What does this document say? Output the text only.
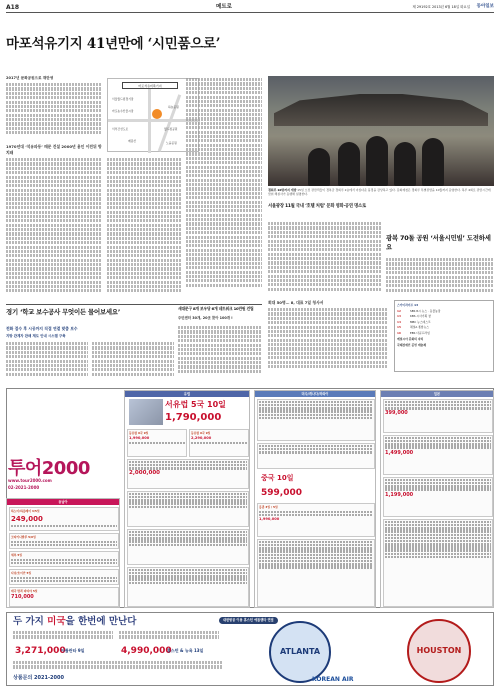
A18	메트로	제 29192호 2013년 6월 18일 화요일 동아일보
마포석유기지 41년만에 ‘시민품으로’
2017년 문화공원으로 재탄생
1970년대 ‘석유파동’ 때문 건설 2000년 용인 이전뒤 방치돼
마포석유비축기지
서울월드컵경기장
마포농수산물시장
하늘공원
월드컵공원
서부간선도로
매봉산	노을공원
경회루 10명까지 개방 15일 오전 관람객들이 경복궁 경회루 2층에서 아름다운 풍경을 감상하고 있다. 문화재청은 경회루 특별관람을 10월까지 운영한다. 하루 4회로 관람시간에 맞춰 해설사가 동행해 설명한다.
서울광장 11월 국내 ‘호텔 처럼’ 문화 영화·공연 명소로
광복 70돌 공원 ‘서울시민빌’ 도전하세요
회대 50명… 8, 대표 7일 청사서	스카이라이프 13
12	SBS 8시 뉴스 · 동물농장
13	KBS 시사기획 창
14	MBC 뉴스데스크
15	채널A 종합뉴스
16	EBS 다큐프라임
에밀시아 문화의 자리
국제장애인 공연 예술제
경기 ‘학교 보수공사 무엇이든 물어보세요’
전화 접수 후 시공까지 직접 연결 맞춤 보수
지방 관계자 판매 제도 안내 시스템 구축
새대문구 8개 보우당 6개 네트워크 10만원 건립
주민센터 30개, 20곳 찾아 100개 !
투어2000
www.tour2000.com
02-2021-2000
동남아
하노이/하롱베이 4/5일
249,000
코타키나발루 5/6일
세부 5일
다낭/호이안 5일
태국 방콕 파타야 5일
710,000
유럽
서유럽 5국 10일
1,790,000
동유럽 6국 9일
1,990,000
동유럽 6국 9일
2,290,000
2,000,000
미주/캐나다/하와이
중국 10일
599,000
홍콩 3일 / 5일
1,990,000
일본
399,000
1,499,000
1,199,000
두 가지 미국을 한번에 만난다	대한항공 이용 휴스턴 애틀랜타 연결
3,271,000
아틀란타 9일	4,990,000
휴스턴 & 뉴욕 13일
상품문의 2021-2000
ATLANTA	HOUSTON
KOREAN AIR
